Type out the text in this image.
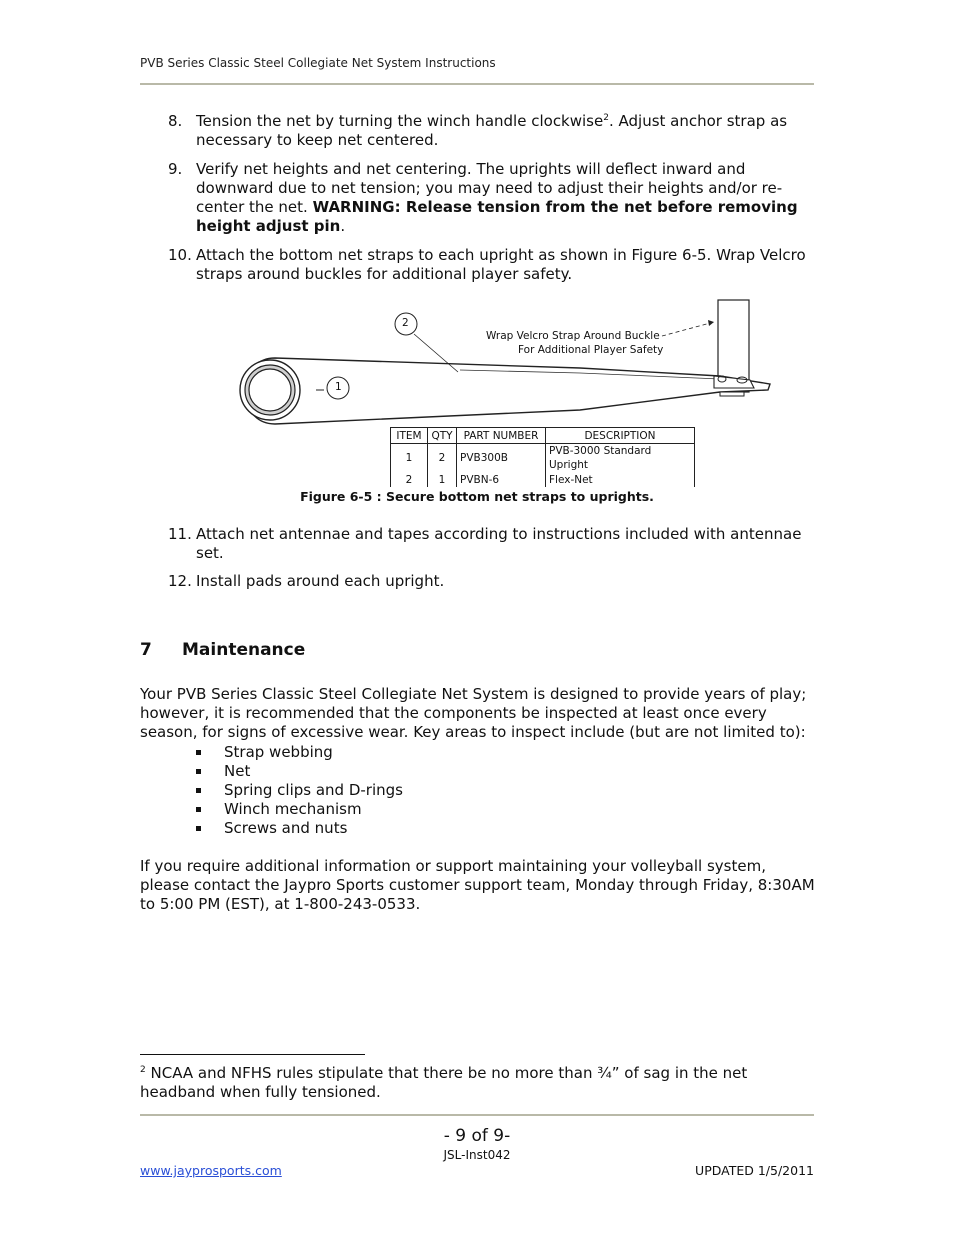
PVB Series Classic Steel Collegiate Net System Instructions
8. Tension the net by turning the winch handle clockwise$^2$. Adjust anchor strap as necessary to keep net centered.
9. Verify net heights and net centering. The uprights will deflect inward and downward due to net tension; you may need to adjust their heights and/or re-center the net. WARNING: Release tension from the net before removing height adjust pin.
10. Attach the bottom net straps to each upright as shown in Figure 6-5. Wrap Velcro straps around buckles for additional player safety.
2
1
Wrap Velcro Strap Around Buckle
For Additional Player Safety
ITEM	QTY	PART NUMBER	DESCRIPTION
1	2	PVB300B	PVB-3000 Standard Upright
2	1	PVBN-6	Flex-Net
Figure 6-5 : Secure bottom net straps to uprights.
11. Attach net antennae and tapes according to instructions included with antennae set.
12. Install pads around each upright.
7 Maintenance
Your PVB Series Classic Steel Collegiate Net System is designed to provide years of play; however, it is recommended that the components be inspected at least once every season, for signs of excessive wear. Key areas to inspect include (but are not limited to):
Strap webbing
Net
Spring clips and D-rings
Winch mechanism
Screws and nuts
If you require additional information or support maintaining your volleyball system, please contact the Jaypro Sports customer support team, Monday through Friday, 8:30AM to 5:00 PM (EST), at 1-800-243-0533.
$^2$ NCAA and NFHS rules stipulate that there be no more than ¾” of sag in the net headband when fully tensioned.
- 9 of 9-
JSL-Inst042
www.jayprosports.com	UPDATED 1/5/2011
